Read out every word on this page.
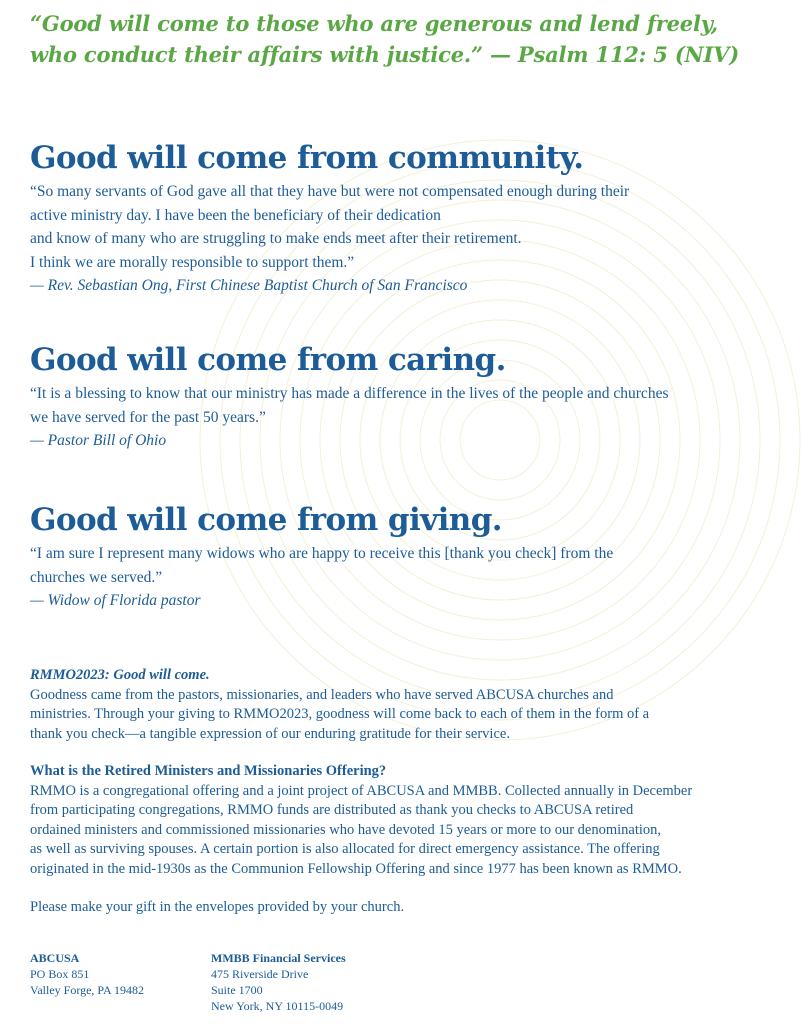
“Good will come to those who are generous and lend freely,
who conduct their affairs with justice.” — Psalm 112: 5 (NIV)
Good will come from community.
“So many servants of God gave all that they have but were not compensated enough during their
active ministry day. I have been the beneficiary of their dedication
and know of many who are struggling to make ends meet after their retirement.
I think we are morally responsible to support them.”
— Rev. Sebastian Ong, First Chinese Baptist Church of San Francisco
Good will come from caring.
“It is a blessing to know that our ministry has made a difference in the lives of the people and churches
we have served for the past 50 years.”
— Pastor Bill of Ohio
Good will come from giving.
“I am sure I represent many widows who are happy to receive this [thank you check] from the
churches we served.”
— Widow of Florida pastor
RMMO2023: Good will come.
Goodness came from the pastors, missionaries, and leaders who have served ABCUSA churches and
ministries. Through your giving to RMMO2023, goodness will come back to each of them in the form of a
thank you check—a tangible expression of our enduring gratitude for their service.
What is the Retired Ministers and Missionaries Offering?
RMMO is a congregational offering and a joint project of ABCUSA and MMBB. Collected annually in December
from participating congregations, RMMO funds are distributed as thank you checks to ABCUSA retired
ordained ministers and commissioned missionaries who have devoted 15 years or more to our denomination,
as well as surviving spouses. A certain portion is also allocated for direct emergency assistance. The offering
originated in the mid-1930s as the Communion Fellowship Offering and since 1977 has been known as RMMO.
Please make your gift in the envelopes provided by your church.
ABCUSA
PO Box 851
Valley Forge, PA 19482
MMBB Financial Services
475 Riverside Drive
Suite 1700
New York, NY 10115-0049
